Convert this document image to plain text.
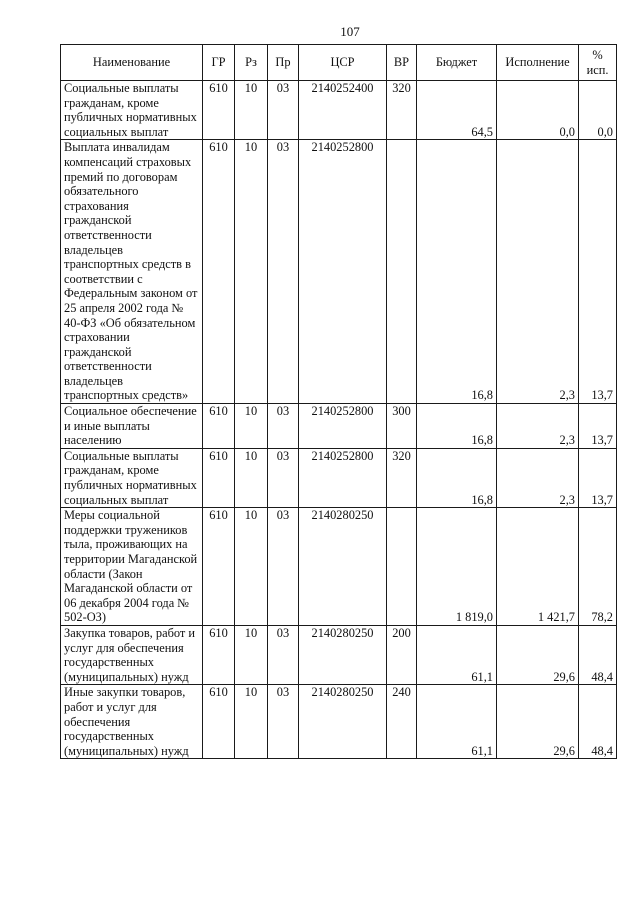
107
Наименование	ГР	Рз	Пр	ЦСР	ВР	Бюджет	Исполнение	%
исп.

Социальные выплаты гражданам, кроме публичных нормативных социальных выплат	610	10	03	2140252400	320	64,5	0,0	0,0
Выплата инвалидам компенсаций страховых премий по договорам обязательного страхования гражданской ответственности владельцев транспортных средств в соответствии с Федеральным законом от 25 апреля 2002 года № 40-ФЗ «Об обязательном страховании гражданской ответственности владельцев транспортных средств»	610	10	03	2140252800		16,8	2,3	13,7
Социальное обеспечение и иные выплаты населению	610	10	03	2140252800	300	16,8	2,3	13,7
Социальные выплаты гражданам, кроме публичных нормативных социальных выплат	610	10	03	2140252800	320	16,8	2,3	13,7
Меры социальной поддержки тружеников тыла, проживающих на территории Магаданской области (Закон Магаданской области от 06 декабря 2004 года № 502-ОЗ)	610	10	03	2140280250		1 819,0	1 421,7	78,2
Закупка товаров, работ и услуг для обеспечения государственных (муниципальных) нужд	610	10	03	2140280250	200	61,1	29,6	48,4
Иные закупки товаров, работ и услуг для обеспечения государственных (муниципальных) нужд	610	10	03	2140280250	240	61,1	29,6	48,4
